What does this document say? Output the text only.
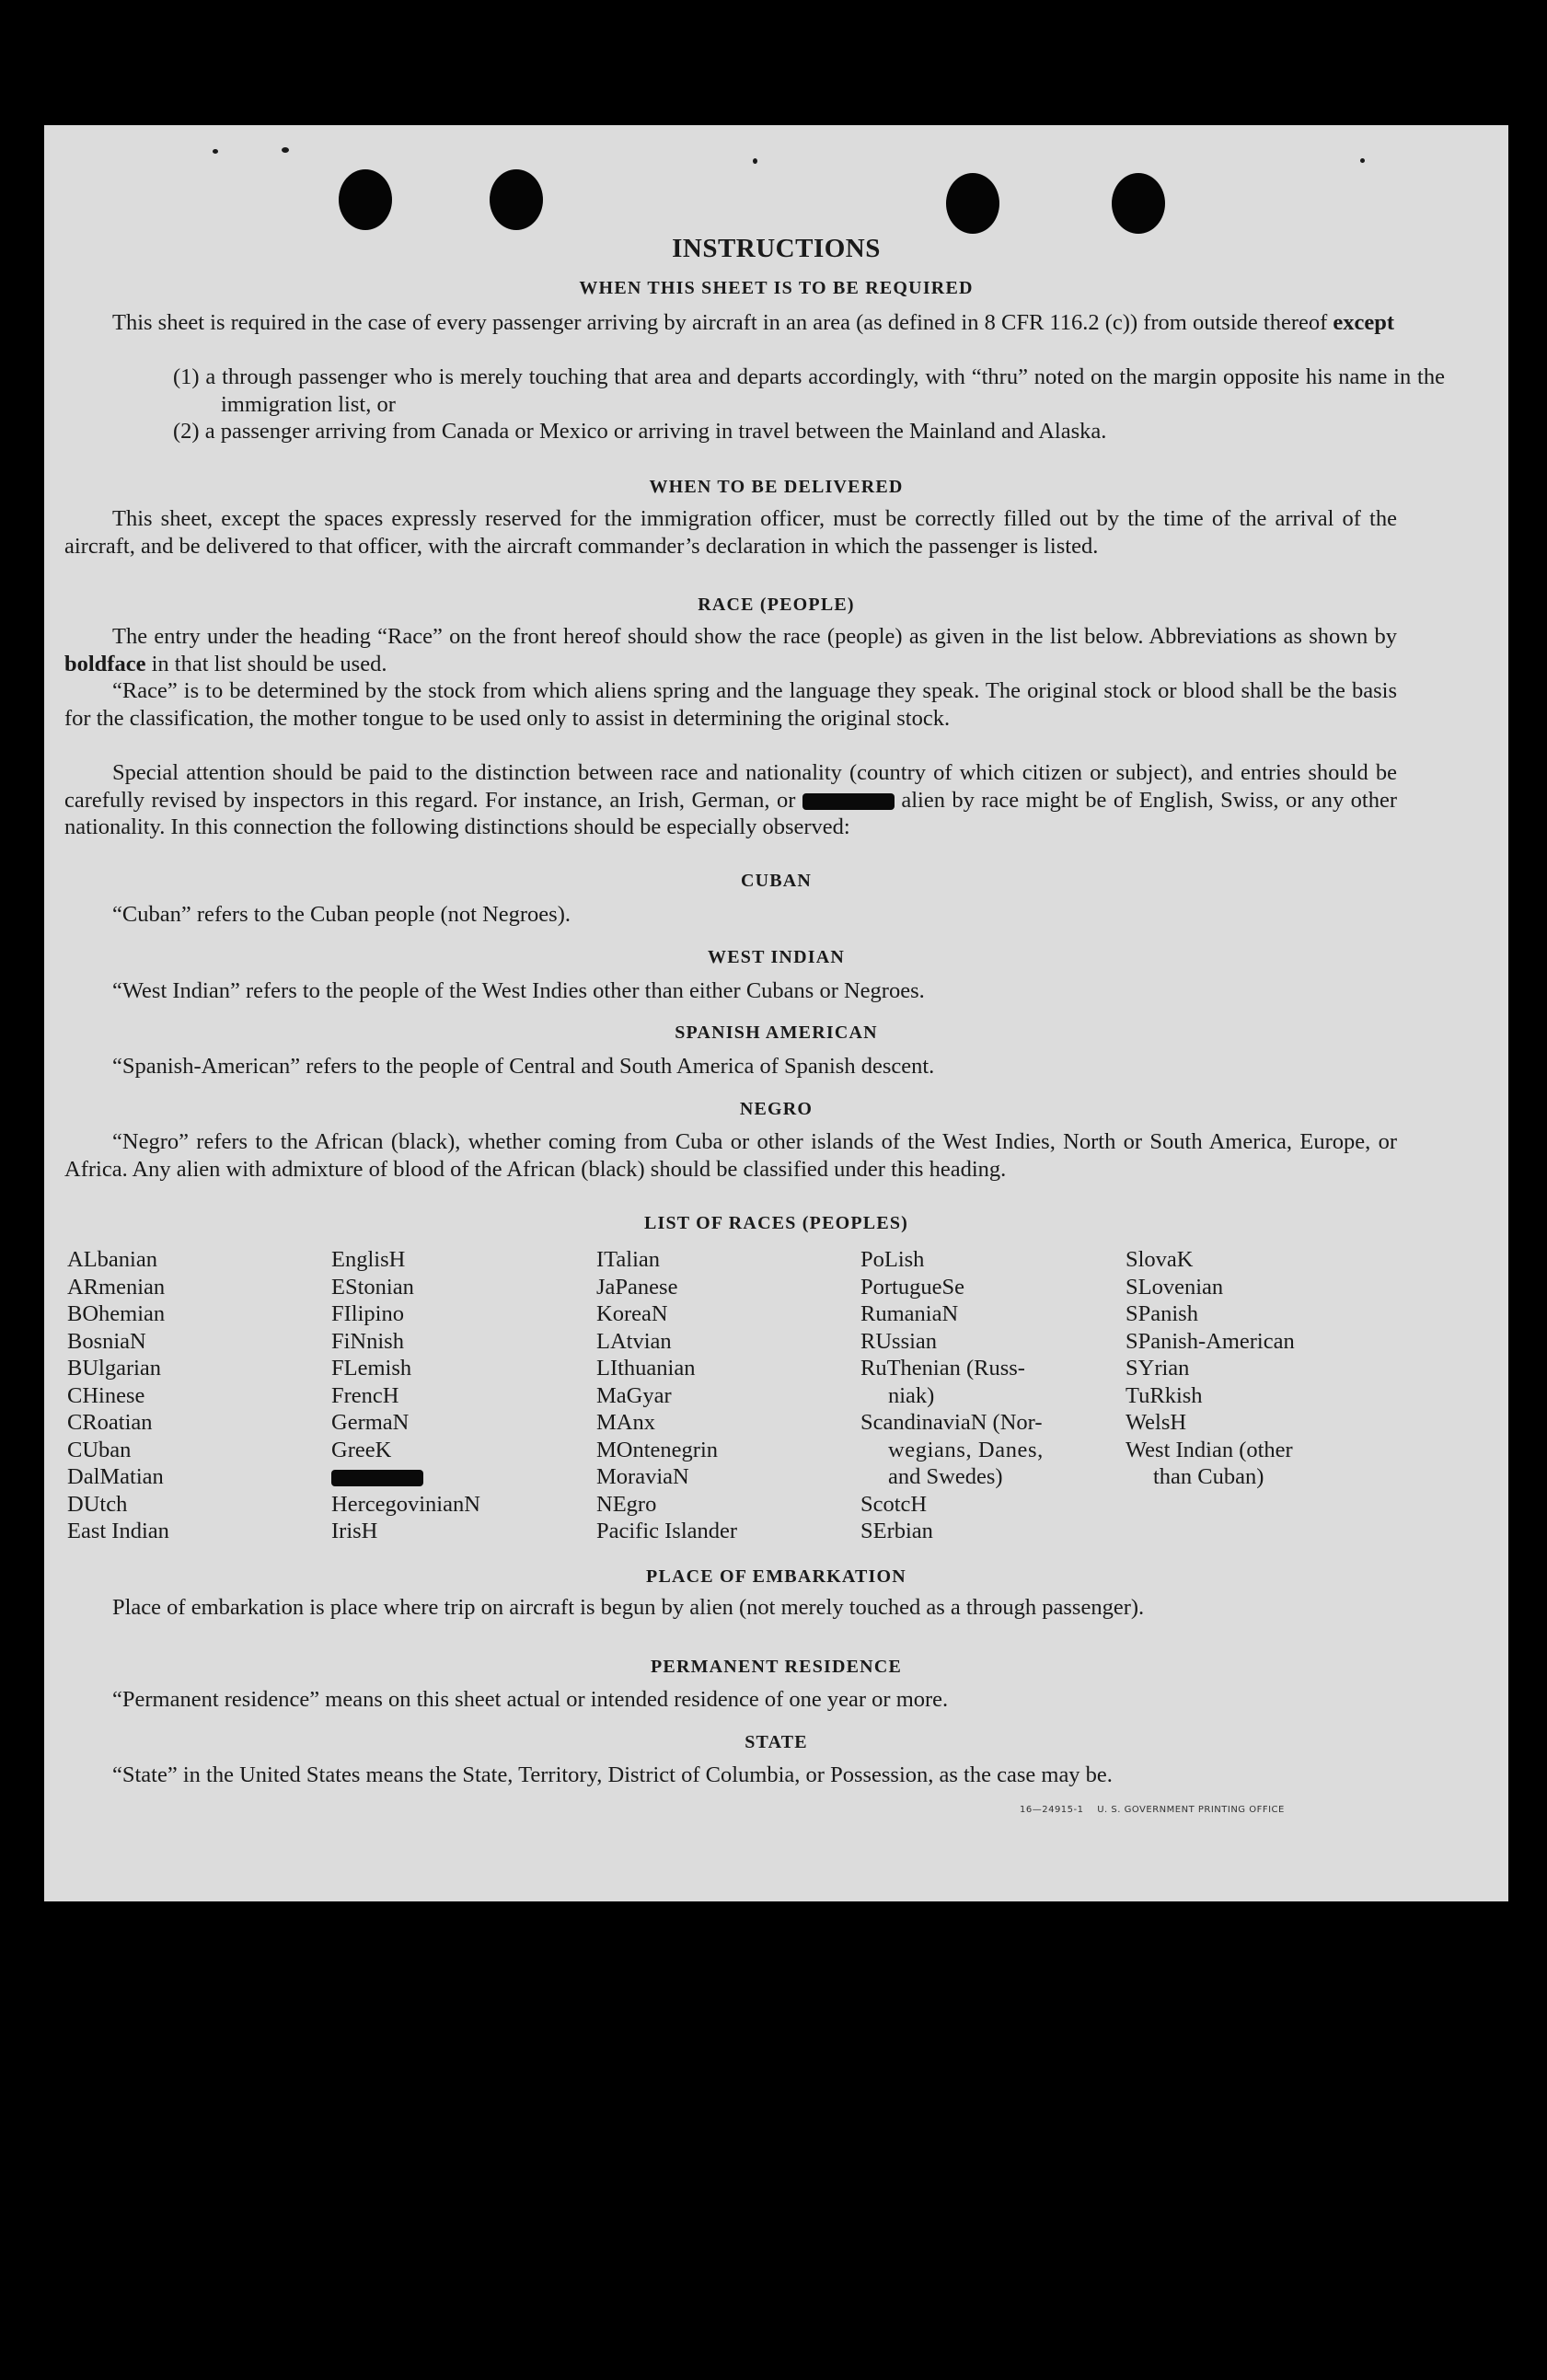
INSTRUCTIONS
WHEN THIS SHEET IS TO BE REQUIRED
This sheet is required in the case of every passenger arriving by aircraft in an area (as defined in 8 CFR 116.2 (c)) from outside thereof except
(1) a through passenger who is merely touching that area and departs accordingly, with “thru” noted on the margin opposite his name in the immigration list, or
(2) a passenger arriving from Canada or Mexico or arriving in travel between the Mainland and Alaska.
WHEN TO BE DELIVERED
This sheet, except the spaces expressly reserved for the immigration officer, must be correctly filled out by the time of the arrival of the aircraft, and be delivered to that officer, with the aircraft commander’s declaration in which the passenger is listed.
RACE (PEOPLE)
The entry under the heading “Race” on the front hereof should show the race (people) as given in the list below. Abbreviations as shown by boldface in that list should be used.
“Race” is to be determined by the stock from which aliens spring and the language they speak. The original stock or blood shall be the basis for the classification, the mother tongue to be used only to assist in determining the original stock.
Special attention should be paid to the distinction between race and nationality (country of which citizen or subject), and entries should be carefully revised by inspectors in this regard. For instance, an Irish, German, or	alien by race might be of English, Swiss, or any other nationality. In this connection the following distinctions should be especially observed:
CUBAN
“Cuban” refers to the Cuban people (not Negroes).
WEST INDIAN
“West Indian” refers to the people of the West Indies other than either Cubans or Negroes.
SPANISH AMERICAN
“Spanish-American” refers to the people of Central and South America of Spanish descent.
NEGRO
“Negro” refers to the African (black), whether coming from Cuba or other islands of the West Indies, North or South America, Europe, or Africa. Any alien with admixture of blood of the African (black) should be classified under this heading.
LIST OF RACES (PEOPLES)
ALbanian
ARmenian
BOhemian
BosniaN
BUlgarian
CHinese
CRoatian
CUban
DalMatian
DUtch
East Indian
EnglisH
EStonian
FIlipino
FiNnish
FLemish
FrencH
GermaN
GreeK
HercegovinianN
IrisH
ITalian
JaPanese
KoreaN
LAtvian
LIthuanian
MaGyar
MAnx
MOntenegrin
MoraviaN
NEgro
Pacific Islander
PoLish
PortugueSe
RumaniaN
RUssian
RuThenian (Russ-
niak)
ScandinaviaN (Nor-
wegians, Danes,
and Swedes)
ScotcH
SErbian
SlovaK
SLovenian
SPanish
SPanish-American
SYrian
TuRkish
WelsH
West Indian (other
than Cuban)
PLACE OF EMBARKATION
Place of embarkation is place where trip on aircraft is begun by alien (not merely touched as a through passenger).
PERMANENT RESIDENCE
“Permanent residence” means on this sheet actual or intended residence of one year or more.
STATE
“State” in the United States means the State, Territory, District of Columbia, or Possession, as the case may be.
16—24915-1 U. S. GOVERNMENT PRINTING OFFICE
